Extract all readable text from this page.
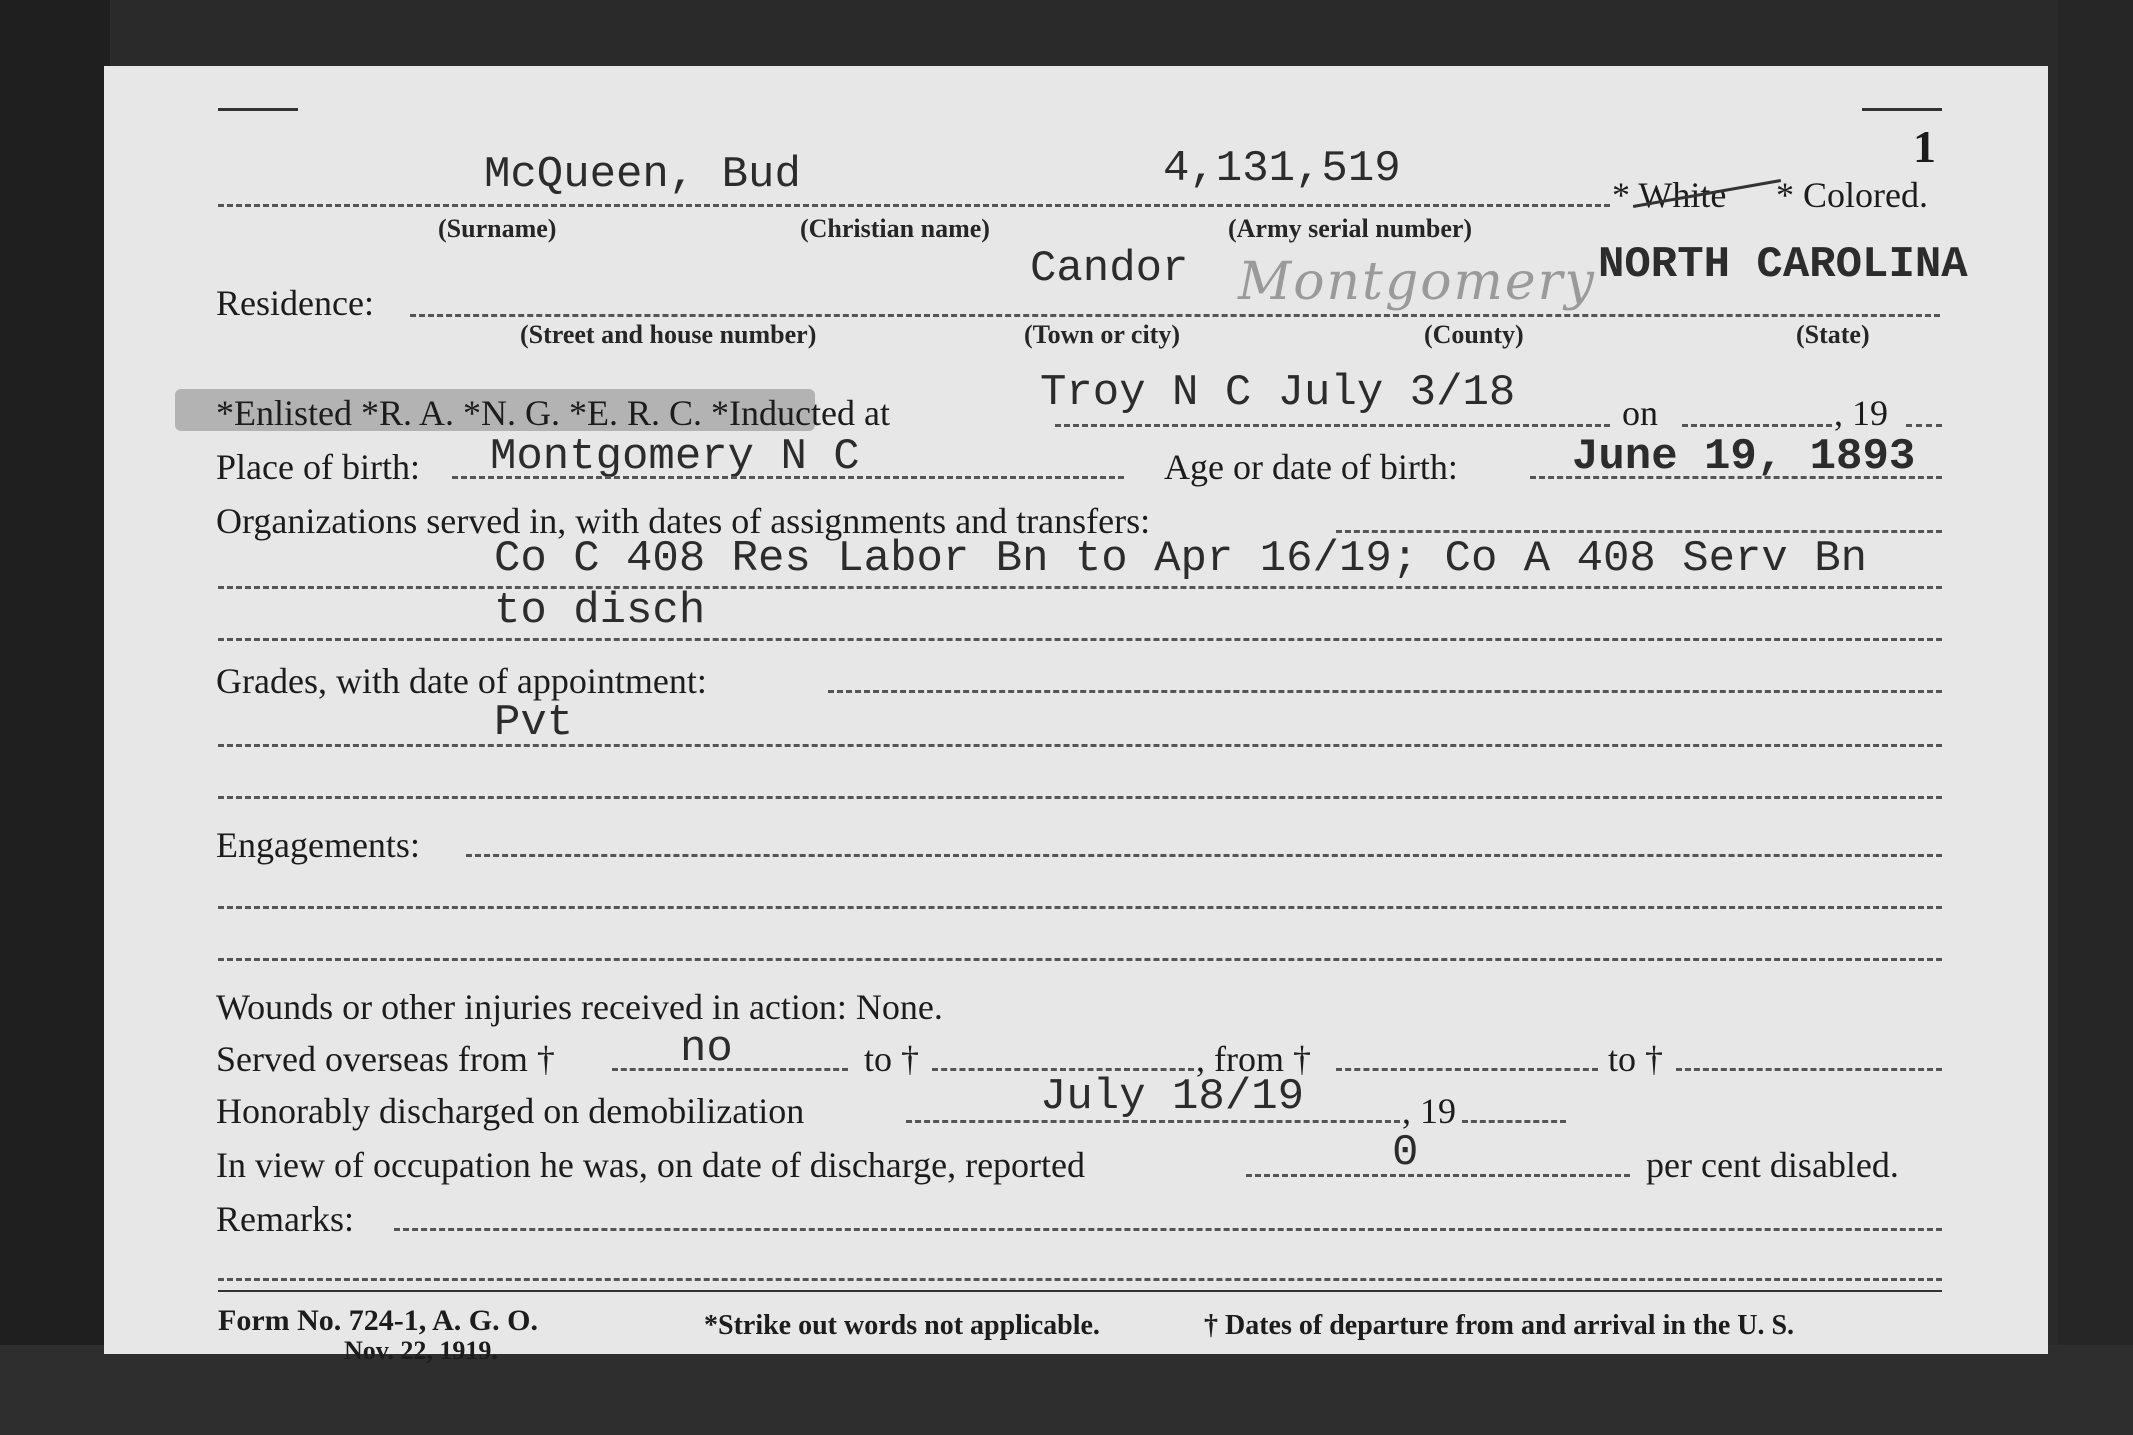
1
McQueen, Bud	4,131,519
* White * Colored.
(Surname)	(Christian name)	(Army serial number)
Candor Montgomery NORTH CAROLINA
Residence:
(Street and house number)	(Town or city)	(County)	(State)
*Enlisted *R. A. *N. G. *E. R. C. *Inducted at	Troy N C July 3/18	on	, 19
Place of birth: Montgomery N C	Age or date of birth:	June 19, 1893
Organizations served in, with dates of assignments and transfers:
Co C 408 Res Labor Bn to Apr 16/19; Co A 408 Serv Bn
to disch
Grades, with date of appointment:
Pvt
Engagements:
Wounds or other injuries received in action: None.
Served overseas from †	no	to †	, from †	to †
Honorably discharged on demobilization	July 18/19	, 19
In view of occupation he was, on date of discharge, reported	0	per cent disabled.
Remarks:
Form No. 724-1, A. G. O.
Nov. 22, 1919.
*Strike out words not applicable.	† Dates of departure from and arrival in the U. S.
